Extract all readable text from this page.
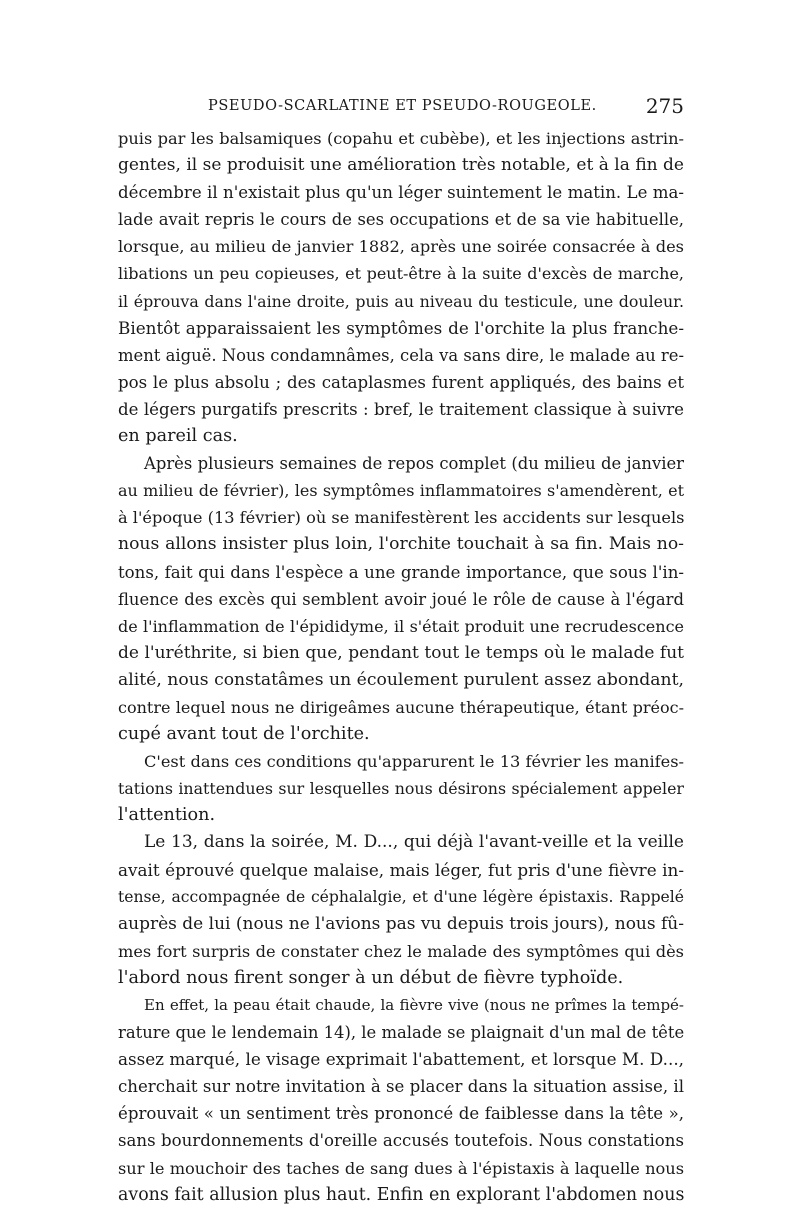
PSEUDO-SCARLATINE ET PSEUDO-ROUGEOLE. 275
puis par les balsamiques (copahu et cubèbe), et les injections astrin-
gentes, il se produisit une amélioration très notable, et à la fin de
décembre il n'existait plus qu'un léger suintement le matin. Le ma-
lade avait repris le cours de ses occupations et de sa vie habituelle,
lorsque, au milieu de janvier 1882, après une soirée consacrée à des
libations un peu copieuses, et peut-être à la suite d'excès de marche,
il éprouva dans l'aine droite, puis au niveau du testicule, une douleur.
Bientôt apparaissaient les symptômes de l'orchite la plus franche-
ment aiguë. Nous condamnâmes, cela va sans dire, le malade au re-
pos le plus absolu ; des cataplasmes furent appliqués, des bains et
de légers purgatifs prescrits : bref, le traitement classique à suivre
en pareil cas.
Après plusieurs semaines de repos complet (du milieu de janvier
au milieu de février), les symptômes inflammatoires s'amendèrent, et
à l'époque (13 février) où se manifestèrent les accidents sur lesquels
nous allons insister plus loin, l'orchite touchait à sa fin. Mais no-
tons, fait qui dans l'espèce a une grande importance, que sous l'in-
fluence des excès qui semblent avoir joué le rôle de cause à l'égard
de l'inflammation de l'épididyme, il s'était produit une recrudescence
de l'uréthrite, si bien que, pendant tout le temps où le malade fut
alité, nous constatâmes un écoulement purulent assez abondant,
contre lequel nous ne dirigeâmes aucune thérapeutique, étant préoc-
cupé avant tout de l'orchite.
C'est dans ces conditions qu'apparurent le 13 février les manifes-
tations inattendues sur lesquelles nous désirons spécialement appeler
l'attention.
Le 13, dans la soirée, M. D..., qui déjà l'avant-veille et la veille
avait éprouvé quelque malaise, mais léger, fut pris d'une fièvre in-
tense, accompagnée de céphalalgie, et d'une légère épistaxis. Rappelé
auprès de lui (nous ne l'avions pas vu depuis trois jours), nous fû-
mes fort surpris de constater chez le malade des symptômes qui dès
l'abord nous firent songer à un début de fièvre typhoïde.
En effet, la peau était chaude, la fièvre vive (nous ne prîmes la tempé-
rature que le lendemain 14), le malade se plaignait d'un mal de tête
assez marqué, le visage exprimait l'abattement, et lorsque M. D...,
cherchait sur notre invitation à se placer dans la situation assise, il
éprouvait « un sentiment très prononcé de faiblesse dans la tête »,
sans bourdonnements d'oreille accusés toutefois. Nous constations
sur le mouchoir des taches de sang dues à l'épistaxis à laquelle nous
avons fait allusion plus haut. Enfin en explorant l'abdomen nous
